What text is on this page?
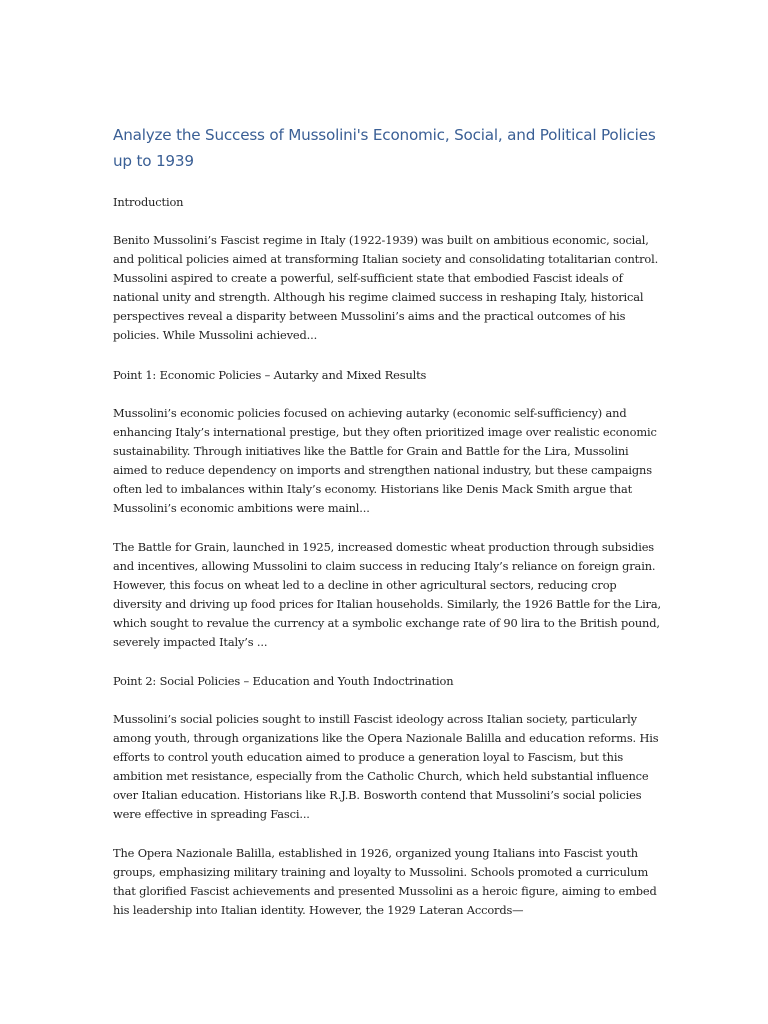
Analyze the Success of Mussolini's Economic, Social, and Political Policies up to 1939

Introduction

Benito Mussolini’s Fascist regime in Italy (1922-1939) was built on ambitious economic, social, and political policies aimed at transforming Italian society and consolidating totalitarian control. Mussolini aspired to create a powerful, self-sufficient state that embodied Fascist ideals of national unity and strength. Although his regime claimed success in reshaping Italy, historical perspectives reveal a disparity between Mussolini’s aims and the practical outcomes of his policies. While Mussolini achieved...

Point 1: Economic Policies – Autarky and Mixed Results

Mussolini’s economic policies focused on achieving autarky (economic self-sufficiency) and enhancing Italy’s international prestige, but they often prioritized image over realistic economic sustainability. Through initiatives like the Battle for Grain and Battle for the Lira, Mussolini aimed to reduce dependency on imports and strengthen national industry, but these campaigns often led to imbalances within Italy’s economy. Historians like Denis Mack Smith argue that Mussolini’s economic ambitions were mainl...

The Battle for Grain, launched in 1925, increased domestic wheat production through subsidies and incentives, allowing Mussolini to claim success in reducing Italy’s reliance on foreign grain. However, this focus on wheat led to a decline in other agricultural sectors, reducing crop diversity and driving up food prices for Italian households. Similarly, the 1926 Battle for the Lira, which sought to revalue the currency at a symbolic exchange rate of 90 lira to the British pound, severely impacted Italy’s ...

Point 2: Social Policies – Education and Youth Indoctrination

Mussolini’s social policies sought to instill Fascist ideology across Italian society, particularly among youth, through organizations like the Opera Nazionale Balilla and education reforms. His efforts to control youth education aimed to produce a generation loyal to Fascism, but this ambition met resistance, especially from the Catholic Church, which held substantial influence over Italian education. Historians like R.J.B. Bosworth contend that Mussolini’s social policies were effective in spreading Fasci...

The Opera Nazionale Balilla, established in 1926, organized young Italians into Fascist youth groups, emphasizing military training and loyalty to Mussolini. Schools promoted a curriculum that glorified Fascist achievements and presented Mussolini as a heroic figure, aiming to embed his leadership into Italian identity. However, the 1929 Lateran Accords—
